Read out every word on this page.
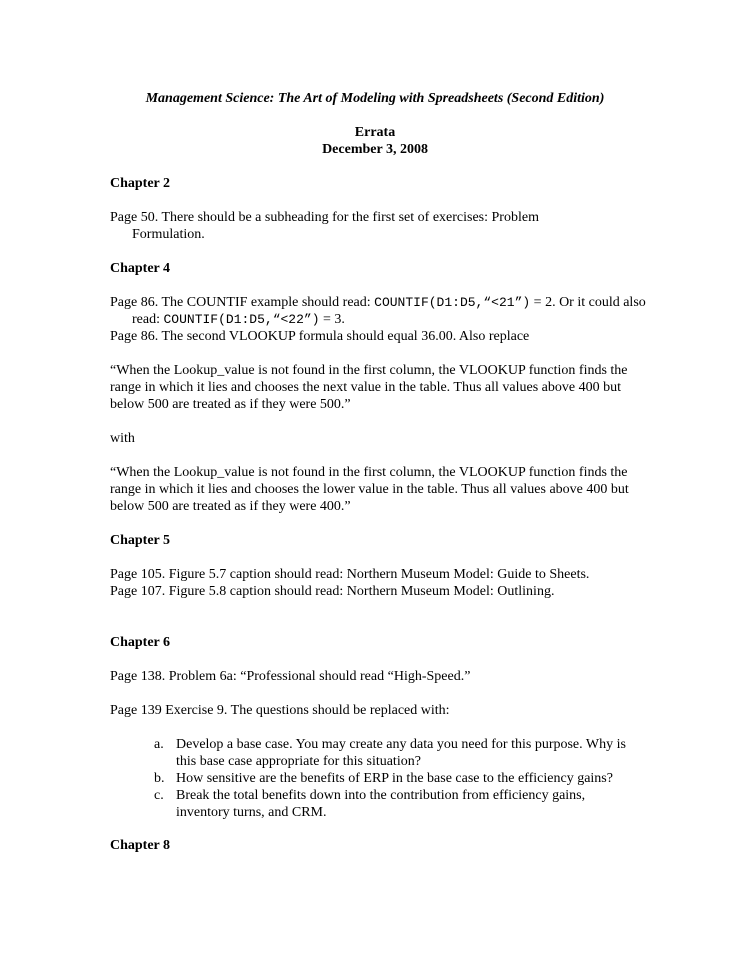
Management Science: The Art of Modeling with Spreadsheets (Second Edition)
Errata
December 3, 2008
Chapter 2
Page 50. There should be a subheading for the first set of exercises: Problem Formulation.
Chapter 4
Page 86. The COUNTIF example should read: COUNTIF(D1:D5,“<21”) = 2. Or it could also read: COUNTIF(D1:D5,“<22”) = 3.
Page 86. The second VLOOKUP formula should equal 36.00. Also replace
“When the Lookup_value is not found in the first column, the VLOOKUP function finds the range in which it lies and chooses the next value in the table. Thus all values above 400 but below 500 are treated as if they were 500.”
with
“When the Lookup_value is not found in the first column, the VLOOKUP function finds the range in which it lies and chooses the lower value in the table. Thus all values above 400 but below 500 are treated as if they were 400.”
Chapter 5
Page 105. Figure 5.7 caption should read: Northern Museum Model: Guide to Sheets.
Page 107. Figure 5.8 caption should read: Northern Museum Model: Outlining.
Chapter 6
Page 138. Problem 6a: “Professional should read “High-Speed.”
Page 139 Exercise 9. The questions should be replaced with:
a. Develop a base case. You may create any data you need for this purpose. Why is this base case appropriate for this situation?
b. How sensitive are the benefits of ERP in the base case to the efficiency gains?
c. Break the total benefits down into the contribution from efficiency gains, inventory turns, and CRM.
Chapter 8
